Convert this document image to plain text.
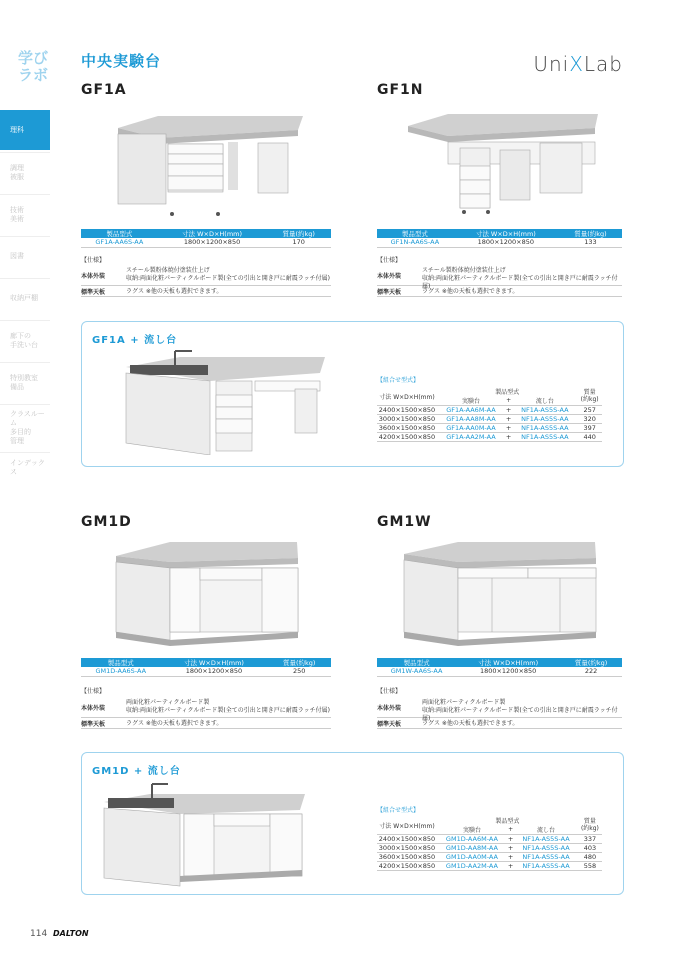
学び
ラボ
理科
調理
被服
技術
美術
図書
収納戸棚
廊下の
手洗い台
特別教室
備品
クラスルーム
多目的
管理
インデックス
中央実験台	UniXLab
GF1A
製品型式	寸法 W×D×H(mm)	質量(約kg)
GF1A-AA6S-AA	1800×1200×850	170
【仕様】
本体外装
スチール製粉体焼付塗装仕上げ
収納:両面化粧パーティクルボード製(全ての引出と開き戸に耐震ラッチ付属)
標準天板	ラグス ※他の天板も選択できます。
GF1N
製品型式	寸法 W×D×H(mm)	質量(約kg)
GF1N-AA6S-AA	1800×1200×850	133
【仕様】
本体外装
スチール製粉体焼付塗装仕上げ
収納:両面化粧パーティクルボード製(全ての引出と開き戸に耐震ラッチ付属)
標準天板	ラグス ※他の天板も選択できます。
GF1A + 流し台
【組合せ型式】
寸法 W×D×H(mm)	製品型式			質量
(約kg)
	実験台	+	流し台	
2400×1500×850	GF1A-AA6M-AA	+	NF1A-AS5S-AA	257
3000×1500×850	GF1A-AA8M-AA	+	NF1A-AS5S-AA	320
3600×1500×850	GF1A-AA0M-AA	+	NF1A-AS5S-AA	397
4200×1500×850	GF1A-AA2M-AA	+	NF1A-AS5S-AA	440
GM1D
製品型式	寸法 W×D×H(mm)	質量(約kg)
GM1D-AA6S-AA	1800×1200×850	250
【仕様】
本体外装
両面化粧パーティクルボード製
収納:両面化粧パーティクルボード製(全ての引出と開き戸に耐震ラッチ付属)
標準天板	ラグス ※他の天板も選択できます。
GM1W
製品型式	寸法 W×D×H(mm)	質量(約kg)
GM1W-AA6S-AA	1800×1200×850	222
【仕様】
本体外装
両面化粧パーティクルボード製
収納:両面化粧パーティクルボード製(全ての引出と開き戸に耐震ラッチ付属)
標準天板	ラグス ※他の天板も選択できます。
GM1D + 流し台
【組合せ型式】
寸法 W×D×H(mm)	製品型式			質量
(約kg)
	実験台	+	流し台	
2400×1500×850	GM1D-AA6M-AA	+	NF1A-AS5S-AA	337
3000×1500×850	GM1D-AA8M-AA	+	NF1A-AS5S-AA	403
3600×1500×850	GM1D-AA0M-AA	+	NF1A-AS5S-AA	480
4200×1500×850	GM1D-AA2M-AA	+	NF1A-AS5S-AA	558
114 DALTON
